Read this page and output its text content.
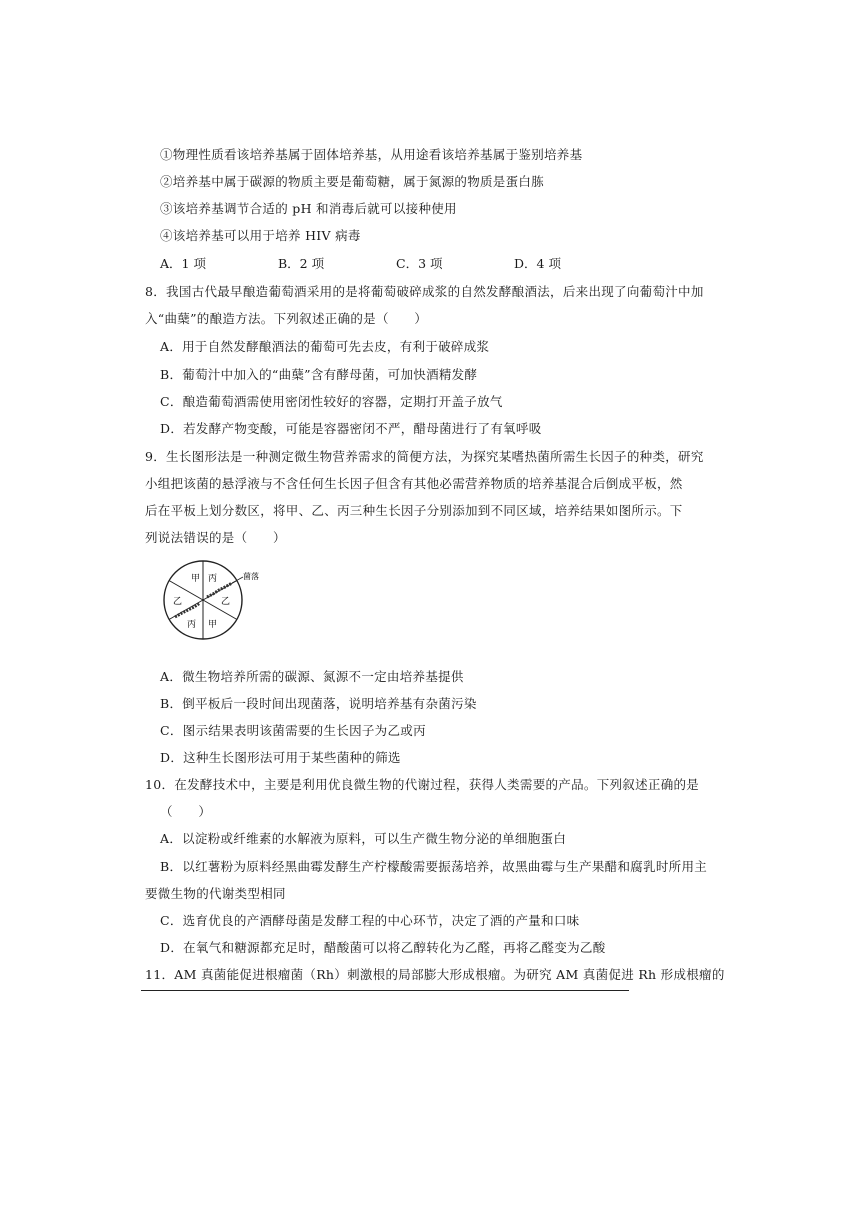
①物理性质看该培养基属于固体培养基，从用途看该培养基属于鉴别培养基
②培养基中属于碳源的物质主要是葡萄糖，属于氮源的物质是蛋白胨
③该培养基调节合适的 pH 和消毒后就可以接种使用
④该培养基可以用于培养 HIV 病毒
A．1 项	B．2 项	C．3 项	D．4 项
8．我国古代最早酿造葡萄酒采用的是将葡萄破碎成浆的自然发酵酿酒法，后来出现了向葡萄汁中加
入“曲蘖”的酿造方法。下列叙述正确的是（　　）
A．用于自然发酵酿酒法的葡萄可先去皮，有利于破碎成浆
B．葡萄汁中加入的“曲蘖”含有酵母菌，可加快酒精发酵
C．酿造葡萄酒需使用密闭性较好的容器，定期打开盖子放气
D．若发酵产物变酸，可能是容器密闭不严，醋母菌进行了有氧呼吸
9．生长图形法是一种测定微生物营养需求的简便方法，为探究某嗜热菌所需生长因子的种类，研究
小组把该菌的悬浮液与不含任何生长因子但含有其他必需营养物质的培养基混合后倒成平板，然
后在平板上划分数区，将甲、乙、丙三种生长因子分别添加到不同区域，培养结果如图所示。下
列说法错误的是（　　）
甲 丙
乙	乙
丙 甲
菌落
A．微生物培养所需的碳源、氮源不一定由培养基提供
B．倒平板后一段时间出现菌落，说明培养基有杂菌污染
C．图示结果表明该菌需要的生长因子为乙或丙
D．这种生长图形法可用于某些菌种的筛选
10．在发酵技术中，主要是利用优良微生物的代谢过程，获得人类需要的产品。下列叙述正确的是
（　　）
A．以淀粉或纤维素的水解液为原料，可以生产微生物分泌的单细胞蛋白
B．以红薯粉为原料经黑曲霉发酵生产柠檬酸需要振荡培养，故黑曲霉与生产果醋和腐乳时所用主
要微生物的代谢类型相同
C．选育优良的产酒酵母菌是发酵工程的中心环节，决定了酒的产量和口味
D．在氧气和糖源都充足时，醋酸菌可以将乙醇转化为乙醛，再将乙醛变为乙酸
11．AM 真菌能促进根瘤菌（Rh）刺激根的局部膨大形成根瘤。为研究 AM 真菌促进 Rh 形成根瘤的
